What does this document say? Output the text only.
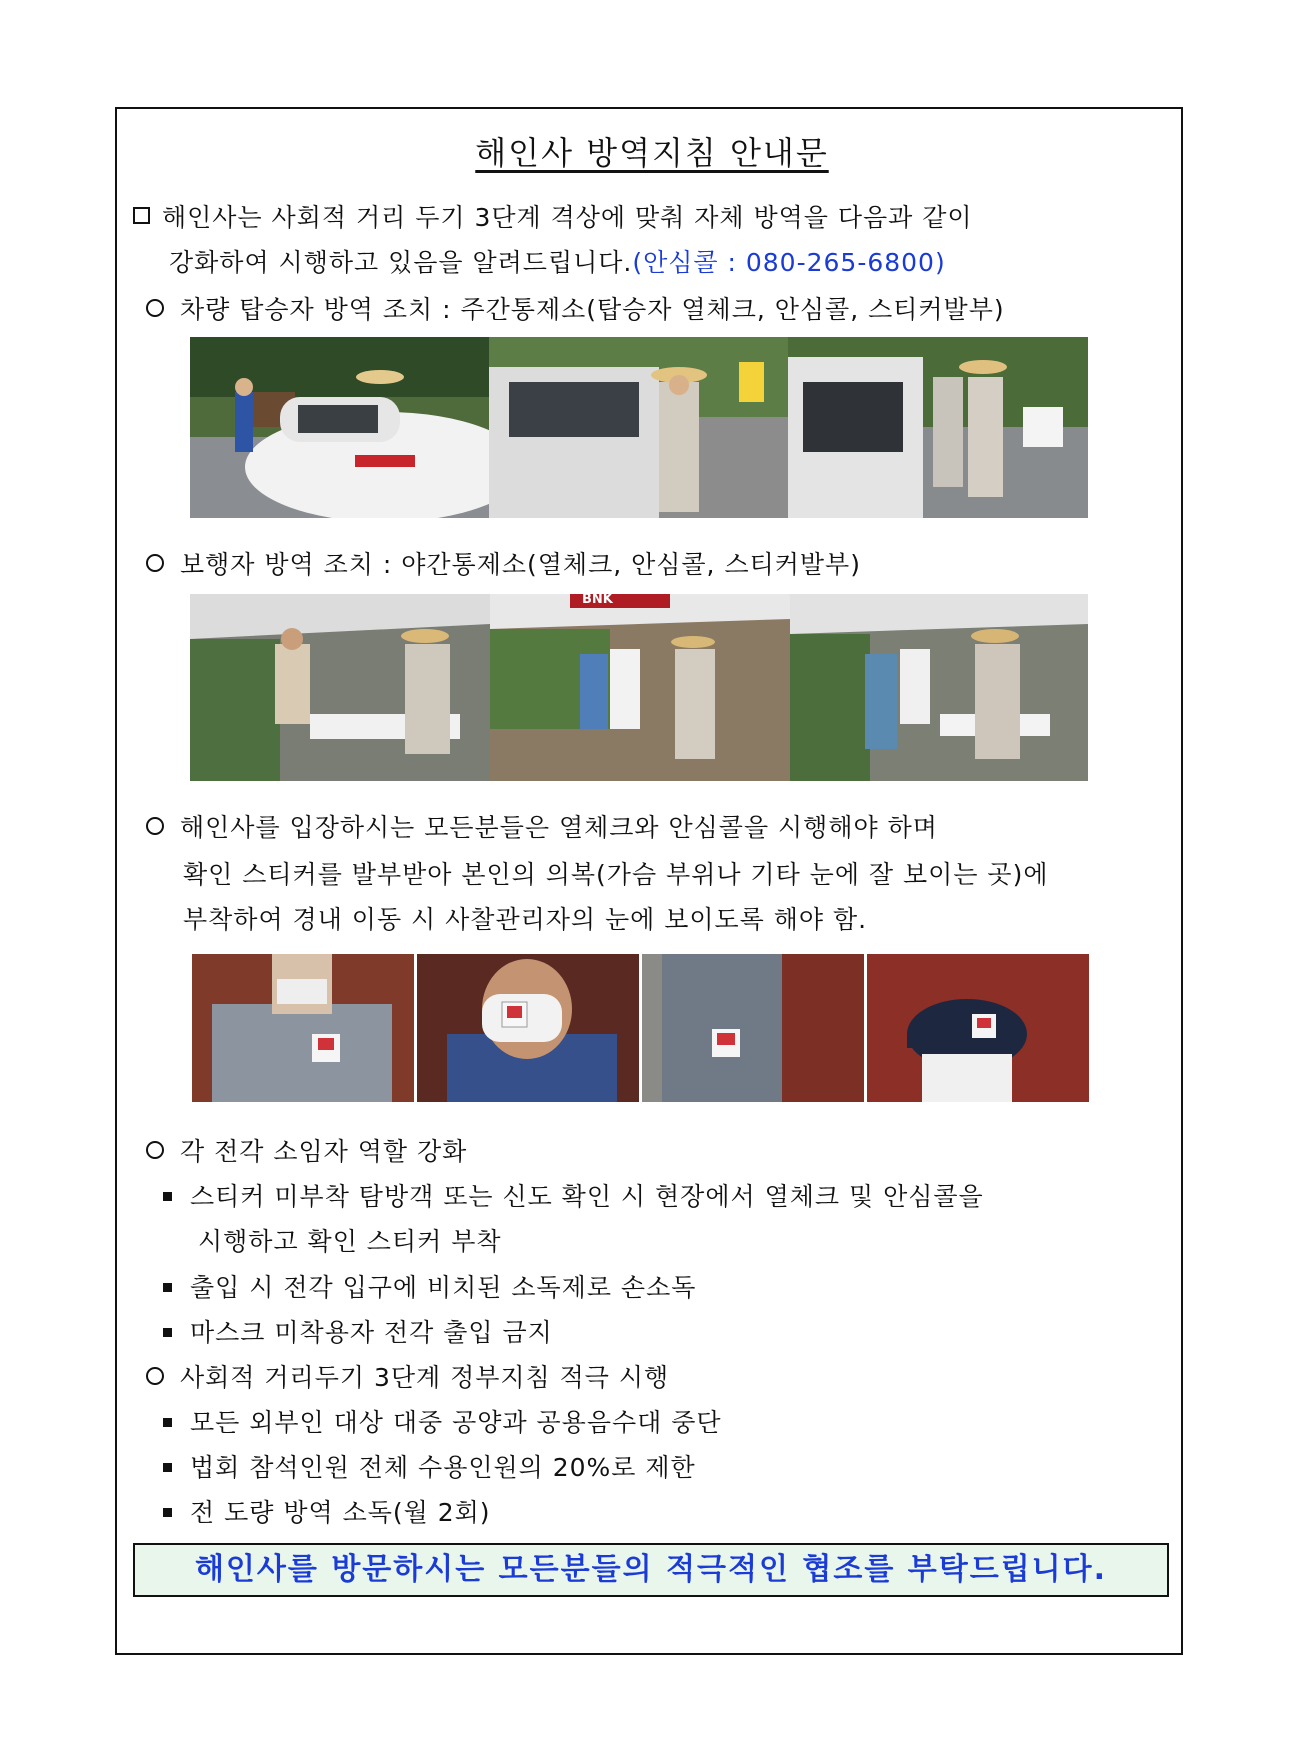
해인사 방역지침 안내문
해인사는 사회적 거리 두기 3단계 격상에 맞춰 자체 방역을 다음과 같이
강화하여 시행하고 있음을 알려드립니다.(안심콜 : 080-265-6800)
차량 탑승자 방역 조치 : 주간통제소(탑승자 열체크, 안심콜, 스티커발부)
보행자 방역 조치 : 야간통제소(열체크, 안심콜, 스티커발부)
BNK
해인사를 입장하시는 모든분들은 열체크와 안심콜을 시행해야 하며
확인 스티커를 발부받아 본인의 의복(가슴 부위나 기타 눈에 잘 보이는 곳)에
부착하여 경내 이동 시 사찰관리자의 눈에 보이도록 해야 함.
각 전각 소임자 역할 강화
스티커 미부착 탐방객 또는 신도 확인 시 현장에서 열체크 및 안심콜을
시행하고 확인 스티커 부착
출입 시 전각 입구에 비치된 소독제로 손소독
마스크 미착용자 전각 출입 금지
사회적 거리두기 3단계 정부지침 적극 시행
모든 외부인 대상 대중 공양과 공용음수대 중단
법회 참석인원 전체 수용인원의 20%로 제한
전 도량 방역 소독(월 2회)
해인사를 방문하시는 모든분들의 적극적인 협조를 부탁드립니다.
